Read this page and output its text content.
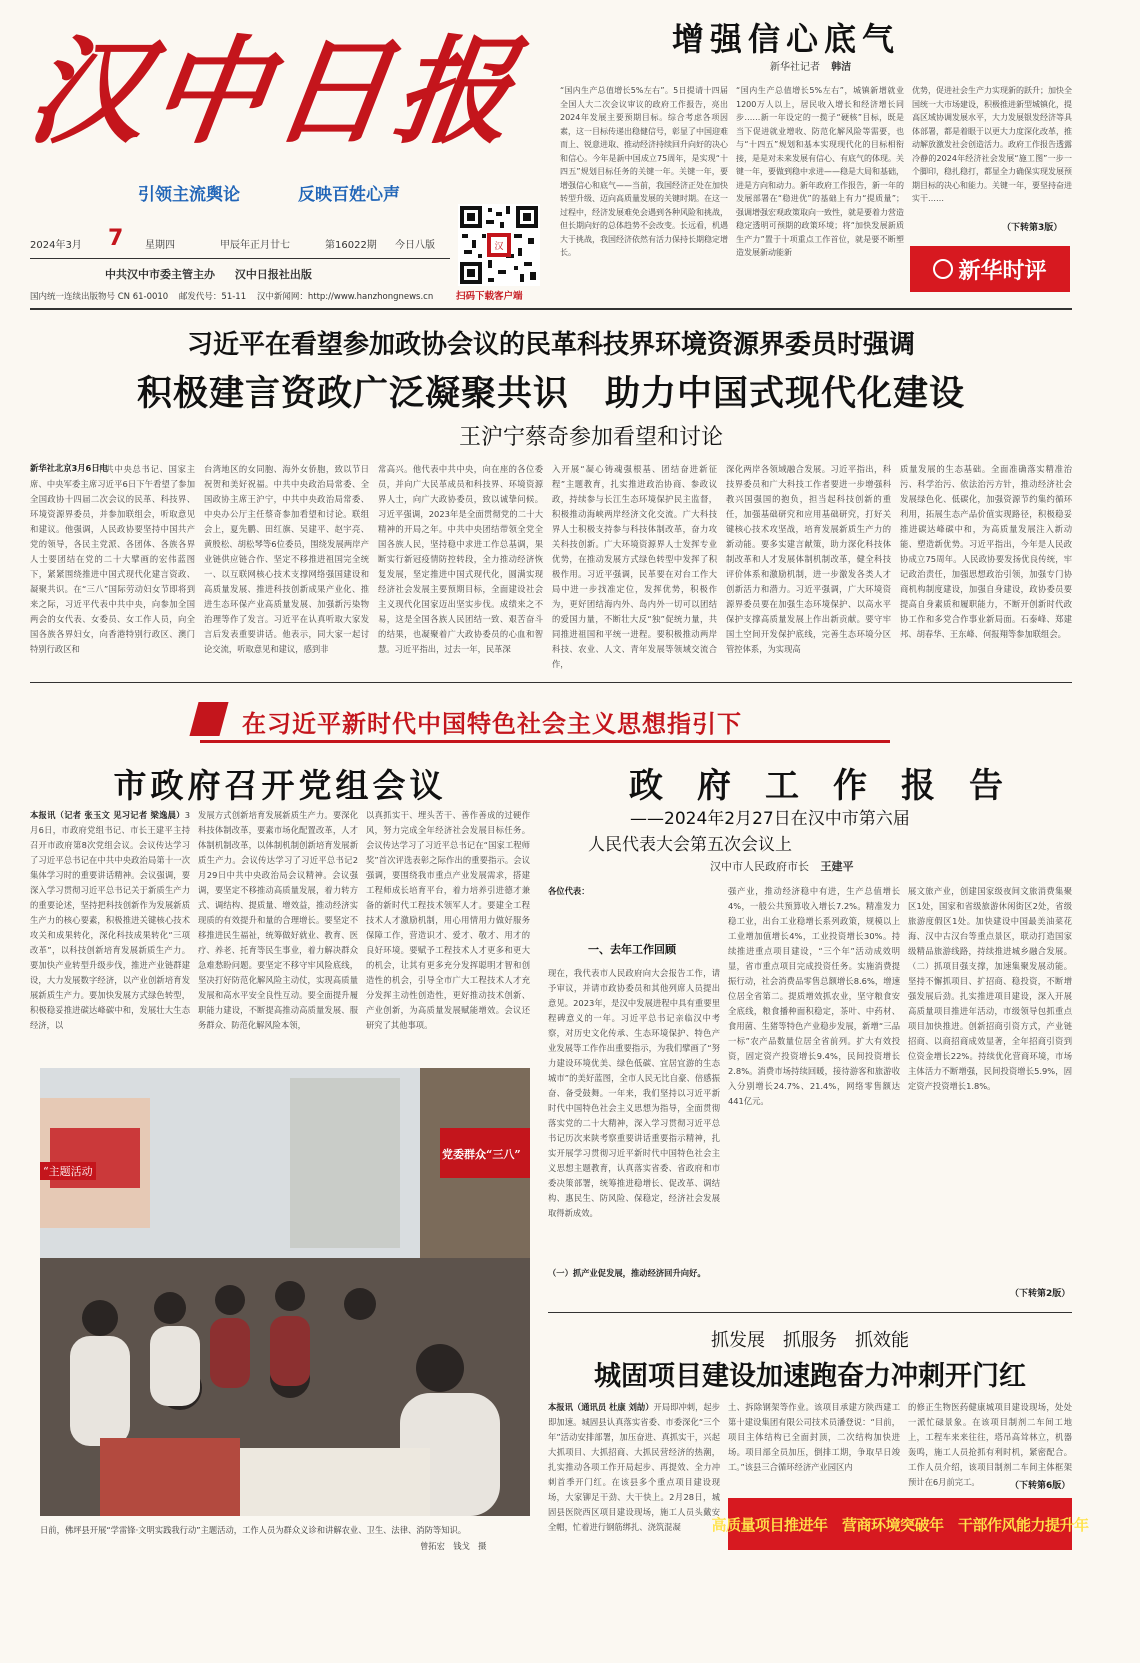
汉中日报
引领主流舆论	反映百姓心声
2024年3月 7 星期四	甲辰年正月廿七	第16022期 今日八版
中共汉中市委主管主办 汉中日报社出版
国内统一连续出版物号 CN 61-0010 邮发代号：51-11 汉中新闻网：http://www.hanzhongnews.cn
汉
扫码下载客户端
增强信心底气
新华社记者 韩洁
“国内生产总值增长5%左右”。5日提请十四届全国人大二次会议审议的政府工作报告，亮出2024年发展主要预期目标。综合考虑各项因素，这一目标传递出稳健信号，彰显了中国迎难而上、锐意进取、推动经济持续回升向好的决心和信心。今年是新中国成立75周年，是实现“十四五”规划目标任务的关键一年。关键一年，要增强信心和底气——当前，我国经济正处在加快转型升级、迈向高质量发展的关键时期。在这一过程中，经济发展难免会遇到各种风险和挑战，但长期向好的总体趋势不会改变。长远看，机遇大于挑战，我国经济依然有活力保持长期稳定增长。
“国内生产总值增长5%左右”，城镇新增就业1200万人以上，居民收入增长和经济增长同步……新一年设定的一揽子“硬核”目标，既是当下促进就业增收、防范化解风险等需要，也与“十四五”规划和基本实现现代化的目标相衔接，是是对未来发展有信心、有底气的体现。关键一年，要做到稳中求进——稳是大局和基础，进是方向和动力。新年政府工作报告，新一年的发展部署在“稳进优”的基础上有力“提质量”；强调增强宏观政策取向一致性，就是要着力营造稳定透明可预期的政策环境；将“加快发展新质生产力”置于十项重点工作首位，就是要不断塑造发展新动能新
优势，促进社会生产力实现新的跃升；加快全国统一大市场建设，积极推进新型城镇化，提高区域协调发展水平，大力发展银发经济等具体部署，都是着眼于以更大力度深化改革，推动解放激发社会创造活力。政府工作报告透露冷静的2024年经济社会发展“施工图”一步一个脚印，稳扎稳打，都显全力确保实现发展预期目标的决心和能力。关键一年，要坚持奋进实干……
（下转第3版）
新华时评
习近平在看望参加政协会议的民革科技界环境资源界委员时强调
积极建言资政广泛凝聚共识　助力中国式现代化建设
王沪宁蔡奇参加看望和讨论
新华社北京3月6日电
中共中央总书记、国家主席、中央军委主席习近平6日下午看望了参加全国政协十四届二次会议的民革、科技界、环境资源界委员，并参加联组会，听取意见和建议。他强调，人民政协要坚持中国共产党的领导，各民主党派、各团体、各族各界人士要团结在党的二十大擘画的宏伟蓝图下，紧紧围绕推进中国式现代化建言资政、凝聚共识。在“三八”国际劳动妇女节即将到来之际，习近平代表中共中央，向参加全国两会的女代表、女委员、女工作人员，向全国各族各界妇女，向香港特别行政区、澳门特别行政区和
台湾地区的女同胞、海外女侨胞，致以节日祝贺和美好祝福。中共中央政治局常委、全国政协主席王沪宁，中共中央政治局常委、中央办公厅主任蔡奇参加看望和讨论。联组会上，夏先鹏、田红旗、吴建平、赵宇亮、黄殷松、胡松琴等6位委员，围绕发展两岸产业链供应链合作、坚定不移推进祖国完全统一、以互联网核心技术支撑网络强国建设和高质量发展、推进科技创新成果产业化、推进生态环保产业高质量发展、加强新污染物治理等作了发言。习近平在认真听取大家发言后发表重要讲话。他表示，同大家一起讨论交流，听取意见和建议，感到非
常高兴。他代表中共中央，向在座的各位委员，并向广大民革成员和科技界、环境资源界人士，向广大政协委员，致以诚挚问候。习近平强调，2023年是全面贯彻党的二十大精神的开局之年。中共中央团结带领全党全国各族人民，坚持稳中求进工作总基调，果断实行新冠疫情防控转段，全力推动经济恢复发展，坚定推进中国式现代化，圆满实现经济社会发展主要预期目标，全面建设社会主义现代化国家迈出坚实步伐。成绩来之不易，这是全国各族人民团结一致、艰苦奋斗的结果，也凝聚着广大政协委员的心血和智慧。习近平指出，过去一年，民革深
入开展“凝心铸魂强根基、团结奋进新征程”主题教育，扎实推进政治协商、参政议政，持续参与长江生态环境保护民主监督，积极推动海峡两岸经济文化交流。广大科技界人士积极支持参与科技体制改革，奋力攻关科技创新。广大环境资源界人士发挥专业优势，在推动发展方式绿色转型中发挥了积极作用。习近平强调，民革要在对台工作大局中进一步找准定位，发挥优势，积极作为，更好团结海内外、岛内外一切可以团结的爱国力量，不断壮大反“独”促统力量，共同推进祖国和平统一进程。要积极推动两岸科技、农业、人文、青年发展等领域交流合作，
深化两岸各领域融合发展。习近平指出，科技界委员和广大科技工作者要进一步增强科教兴国强国的抱负，担当起科技创新的重任，加强基础研究和应用基础研究，打好关键核心技术攻坚战，培育发展新质生产力的新动能。要多实建言献策，助力深化科技体制改革和人才发展体制机制改革，健全科技评价体系和激励机制，进一步激发各类人才创新活力和潜力。习近平强调，广大环境资源界委员要在加强生态环境保护、以高水平保护支撑高质量发展上作出新贡献。要守牢国土空间开发保护底线，完善生态环境分区管控体系，为实现高
质量发展的生态基础。全面准确落实精准治污、科学治污、依法治污方针，推动经济社会发展绿色化、低碳化，加强资源节约集约循环利用，拓展生态产品价值实现路径，积极稳妥推进碳达峰碳中和，为高质量发展注入新动能、塑造新优势。习近平指出，今年是人民政协成立75周年。人民政协要发扬优良传统，牢记政治责任，加强思想政治引领，加强专门协商机构制度建设，加强自身建设，政协委员要提高自身素质和履职能力，不断开创新时代政协工作和多党合作事业新局面。石泰峰、郑建邦、胡春华、王东峰、何报翔等参加联组会。
在习近平新时代中国特色社会主义思想指引下
市政府召开党组会议
本报讯（记者 张玉文 见习记者 梁逸晨）3月6日，市政府党组书记、市长王建平主持召开市政府第8次党组会议。会议传达学习了习近平总书记在中共中央政治局第十一次集体学习时的重要讲话精神。会议强调，要深入学习贯彻习近平总书记关于新质生产力的重要论述，坚持把科技创新作为发展新质生产力的核心要素，积极推进关键核心技术攻关和成果转化，深化科技成果转化“三项改革”，以科技创新培育发展新质生产力。要加快产业转型升级步伐，推进产业链群建设，大力发展数字经济，以产业创新培育发展新质生产力。要加快发展方式绿色转型，积极稳妥推进碳达峰碳中和，发展壮大生态经济，以
发展方式创新培育发展新质生产力。要深化科技体制改革，要素市场化配置改革，人才体制机制改革，以体制机制创新培育发展新质生产力。会议传达学习了习近平总书记2月29日中共中央政治局会议精神。会议强调，要坚定不移推动高质量发展，着力转方式、调结构、提质量、增效益，推动经济实现质的有效提升和量的合理增长。要坚定不移推进民生福祉，统筹做好就业、教育、医疗、养老、托育等民生事业，着力解决群众急难愁盼问题。要坚定不移守牢风险底线，坚决打好防范化解风险主动仗，实现高质量发展和高水平安全良性互动。要全面提升履职能力建设，不断提高推动高质量发展、服务群众、防范化解风险本领，
以真抓实干、埋头苦干、善作善成的过硬作风，努力完成全年经济社会发展目标任务。会议传达学习了习近平总书记在“国家工程师奖”首次评选表彰之际作出的重要指示。会议强调，要围绕我市重点产业发展需求，搭建工程师成长培育平台，着力培养引进德才兼备的新时代工程技术领军人才。要建全工程技术人才激励机制，用心用情用力做好服务保障工作，营造识才、爱才、敬才、用才的良好环境。要赋予工程技术人才更多和更大的机会，让其有更多充分发挥聪明才智和创造性的机会，引导全市广大工程技术人才充分发挥主动性创造性，更好推动技术创新、产业创新，为高质量发展赋能增效。会议还研究了其他事项。
“主题活动
党委群众“三八”
日前，佛坪县开展“学雷锋·文明实践我行动”主题活动，工作人员为群众义诊和讲解农业、卫生、法律、消防等知识。
曾拓宏　钱戈　摄
政　府　工　作　报　告
——2024年2月27日在汉中市第六届
人民代表大会第五次会议上
汉中市人民政府市长 王建平
各位代表：
一、去年工作回顾
现在，我代表市人民政府向大会报告工作，请予审议，并请市政协委员和其他列席人员提出意见。2023年，是汉中发展进程中具有重要里程碑意义的一年。习近平总书记亲临汉中考察，对历史文化传承、生态环境保护、特色产业发展等工作作出重要指示，为我们擘画了“努力建设环境优美、绿色低碳、宜居宜游的生态城市”的美好蓝图，全市人民无比自豪、倍感振奋、备受鼓舞。一年来，我们坚持以习近平新时代中国特色社会主义思想为指导，全面贯彻落实党的二十大精神，深入学习贯彻习近平总书记历次来陕考察重要讲话重要指示精神，扎实开展学习贯彻习近平新时代中国特色社会主义思想主题教育，认真落实省委、省政府和市委决策部署，统筹推进稳增长、促改革、调结构、惠民生、防风险、保稳定，经济社会发展取得新成效。
（一）抓产业促发展，推动经济回升向好。
强产业，推动经济稳中有进，生产总值增长4%，一般公共预算收入增长7.2%。精准发力稳工业，出台工业稳增长系列政策，规模以上工业增加值增长4%，工业投资增长30%。持续推进重点项目建设，“三个年”活动成效明显，省市重点项目完成投资任务。实施消费提振行动，社会消费品零售总额增长8.6%，增速位居全省第二。提质增效抓农业，坚守粮食安全底线，粮食播种面积稳定，茶叶、中药材、食用菌、生猪等特色产业稳步发展，新增“三品一标”农产品数量位居全省前列。扩大有效投资，固定资产投资增长9.4%，民间投资增长2.8%。消费市场持续回暖，接待游客和旅游收入分别增长24.7%、21.4%，网络零售额达441亿元。
展文旅产业，创建国家级夜间文旅消费集聚区1处，国家和省级旅游休闲街区2处，省级旅游度假区1处。加快建设中国最美油菜花海、汉中古汉台等重点景区，联动打造国家级精品旅游线路，持续推进城乡融合发展。（二）抓项目强支撑，加速集聚发展动能。坚持不懈抓项目、扩招商、稳投资，不断增强发展后劲。扎实推进项目建设，深入开展高质量项目推进年活动，市级领导包抓重点项目加快推进。创新招商引资方式，产业链招商、以商招商成效显著，全年招商引资到位资金增长22%。持续优化营商环境，市场主体活力不断增强，民间投资增长5.9%，固定资产投资增长1.8%。
（下转第2版）
抓发展　抓服务　抓效能
城固项目建设加速跑奋力冲刺开门红
本报讯（通讯员 杜康 刘劼）开局即冲刺，起步即加速。城固县认真落实省委、市委深化“三个年”活动安排部署，加压奋进、真抓实干，兴起大抓项目、大抓招商、大抓民营经济的热潮，扎实推动各项工作开局起步、再提效、全力冲刺首季开门红。在该县多个重点项目建设现场，大家铆足干劲、大干快上。2月28日，城固县医院西区项目建设现场，施工人员头戴安全帽，忙着进行钢筋绑扎、浇筑混凝
土、拆除钢架等作业。该项目承建方陕西建工第十建设集团有限公司技术员潘登说：“目前，项目主体结构已全面封顶，二次结构加快进场。项目部全员加压，倒排工期，争取早日竣工。”该县三合循环经济产业园区内
的修正生物医药健康城项目建设现场，处处一派忙碌景象。在该项目制剂二车间工地上，工程车来来往往，塔吊高耸林立，机器轰鸣，施工人员抢抓有利时机，紧密配合。工作人员介绍，该项目制剂二车间主体框架预计在6月前完工。	（下转第6版）
高质量项目推进年　营商环境突破年　干部作风能力提升年
